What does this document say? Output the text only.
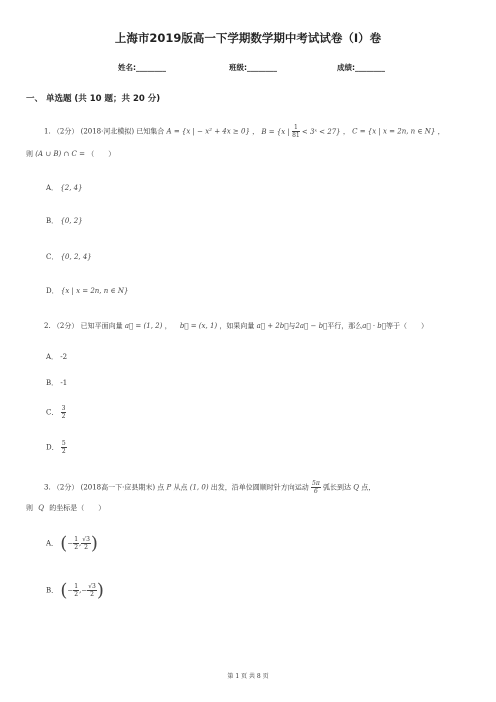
上海市2019版高一下学期数学期中考试试卷（I）卷
姓名:________	班级:________	成绩:________
一、 单选题 (共 10 题；共 20 分)
1. （2分） (2018·河北模拟) 已知集合 A = {x | − x² + 4x ≥ 0} ， B = {x | $\frac{1}{81}$ < 3ˣ < 27} ， C = {x | x = 2n, n ∈ N} ，
则 (A ∪ B) ∩ C = （　　）
A． {2, 4}
B． {0, 2}
C． {0, 2, 4}
D． {x | x = 2n, n ∈ N}
2. （2分） 已知平面向量 a⃗ = (1, 2) ， b⃗ = (x, 1) ，如果向量 a⃗ + 2b⃗与2a⃗ − b⃗平行，那么a⃗ · b⃗等于（　　）
A． -2
B． -1
C． $\frac{3}{2}$
D． $\frac{5}{2}$
3. （2分） (2018高一下·应县期末) 点 P 从点 (1, 0) 出发，沿单位圆顺时针方向运动 $\frac{5\pi}{6}$ 弧长到达 Q 点，
则 Q 的坐标是（　　）
A． (− $\frac{1}{2}$ , $\frac{√3}{2}$ )
B． (− $\frac{1}{2}$ ,− $\frac{√3}{2}$ )
第 1 页 共 8 页
